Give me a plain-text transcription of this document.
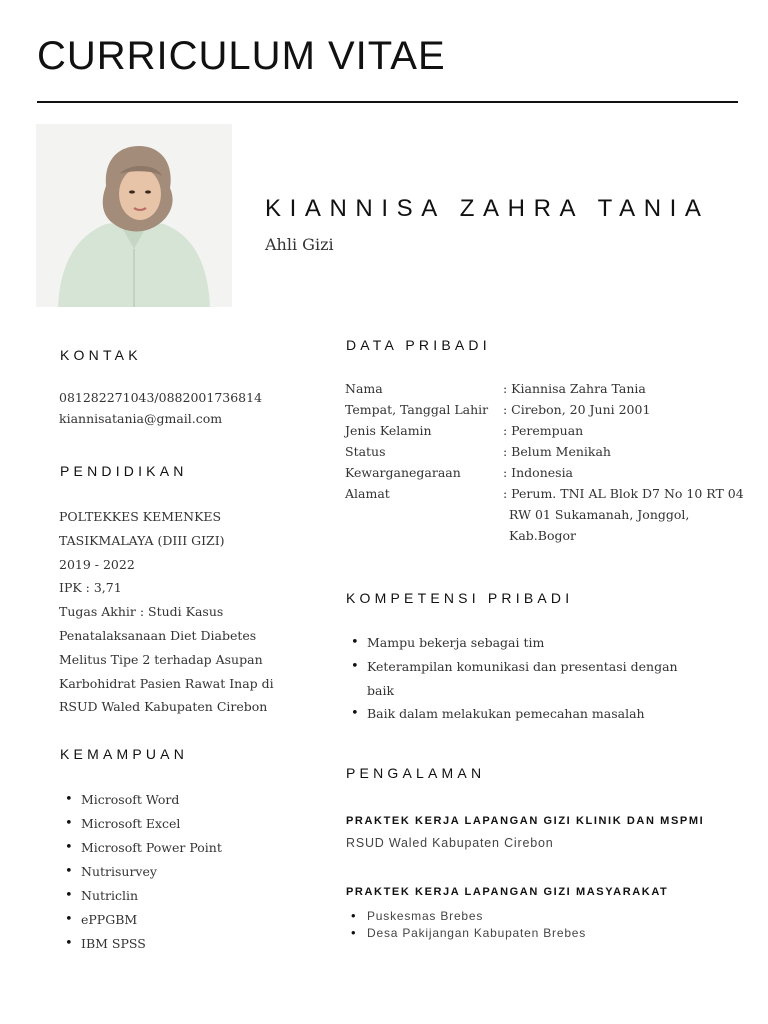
CURRICULUM VITAE
KIANNISA ZAHRA TANIA
Ahli Gizi
KONTAK
081282271043/0882001736814
kiannisatania@gmail.com
PENDIDIKAN
POLTEKKES KEMENKES
TASIKMALAYA (DIII GIZI)
2019 - 2022
IPK : 3,71
Tugas Akhir : Studi Kasus
Penatalaksanaan Diet Diabetes
Melitus Tipe 2 terhadap Asupan
Karbohidrat Pasien Rawat Inap di
RSUD Waled Kabupaten Cirebon
KEMAMPUAN
• Microsoft Word
• Microsoft Excel
• Microsoft Power Point
• Nutrisurvey
• Nutriclin
• ePPGBM
• IBM SPSS
DATA PRIBADI
Nama	: Kiannisa Zahra Tania
Tempat, Tanggal Lahir	: Cirebon, 20 Juni 2001
Jenis Kelamin	: Perempuan
Status	: Belum Menikah
Kewarganegaraan	: Indonesia
Alamat	: Perum. TNI AL Blok D7 No 10 RT 04
RW 01 Sukamanah, Jonggol,
Kab.Bogor
KOMPETENSI PRIBADI
• Mampu bekerja sebagai tim
• Keterampilan komunikasi dan presentasi dengan baik
• Baik dalam melakukan pemecahan masalah
PENGALAMAN
PRAKTEK KERJA LAPANGAN GIZI KLINIK DAN MSPMI
RSUD Waled Kabupaten Cirebon
PRAKTEK KERJA LAPANGAN GIZI MASYARAKAT
• Puskesmas Brebes
• Desa Pakijangan Kabupaten Brebes
